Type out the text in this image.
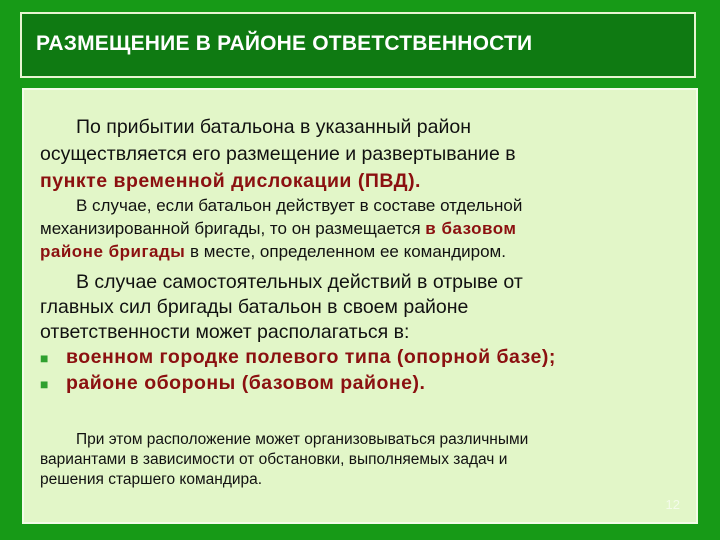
РАЗМЕЩЕНИЕ В РАЙОНЕ ОТВЕТСТВЕННОСТИ
По прибытии батальона в указанный район
осуществляется его размещение и развертывание в
пункте временной дислокации (ПВД).
В случае, если батальон действует в составе отдельной
механизированной бригады, то он размещается в базовом
районе бригады в месте, определенном ее командиром.
В случае самостоятельных действий в отрыве от
главных сил бригады батальон в своем районе
ответственности может располагаться в:
■ военном городке полевого типа (опорной базе);
■ районе обороны (базовом районе).
При этом расположение может организовываться различными
вариантами в зависимости от обстановки, выполняемых задач и
решения старшего командира.
12
